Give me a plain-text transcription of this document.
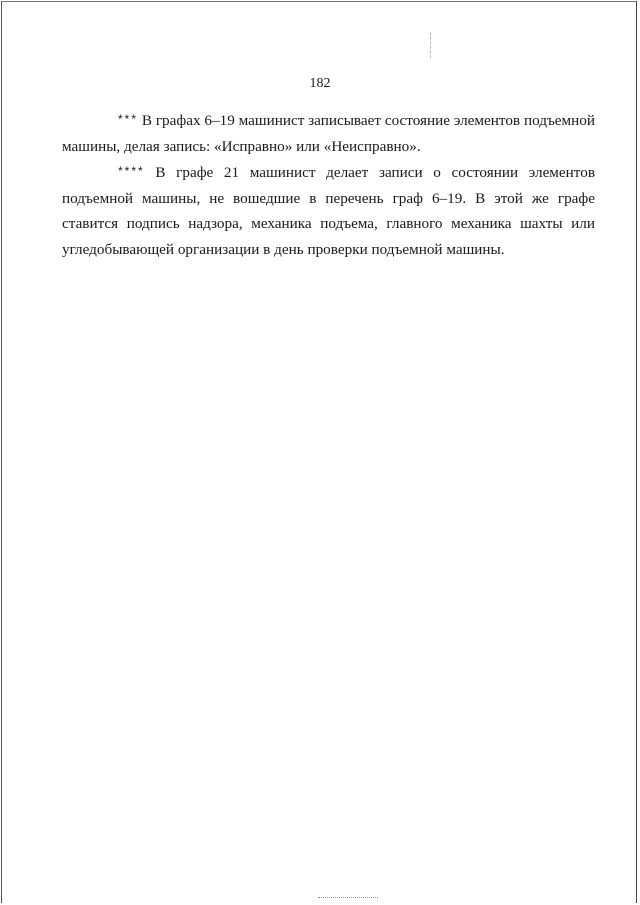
182

*** В графах 6–19 машинист записывает состояние элементов подъемной машины, делая запись: «Исправно» или «Неисправно».

**** В графе 21 машинист делает записи о состоянии элементов подъемной машины, не вошедшие в перечень граф 6–19. В этой же графе ставится подпись надзора, механика подъема, главного механика шахты или угледобывающей организации в день проверки подъемной машины.
